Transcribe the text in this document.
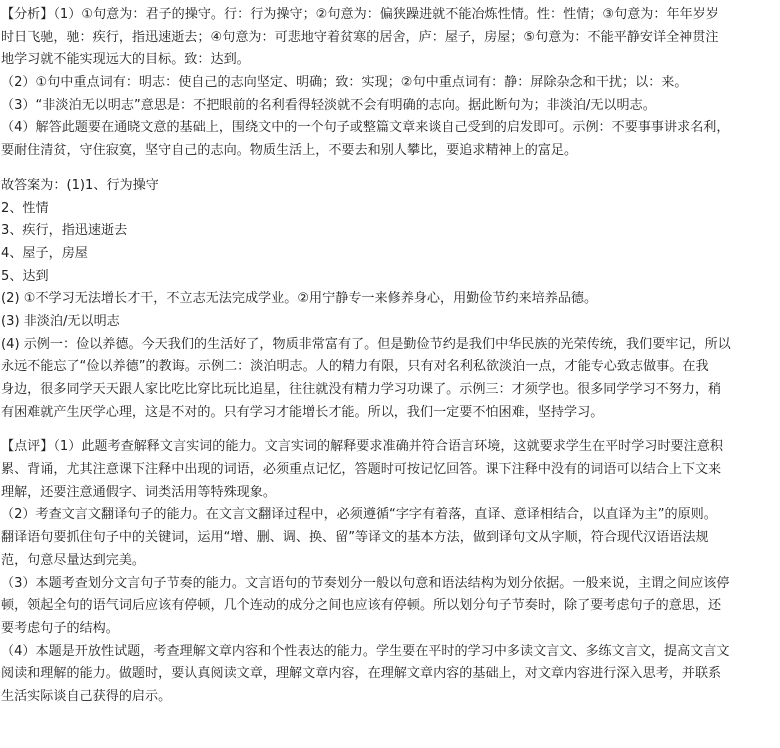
【分析】（1）①句意为：君子的操守。行：行为操守；②句意为：偏狭躁进就不能冶炼性情。性：性情；③句意为：年年岁岁
时日飞驰，驰：疾行，指迅速逝去；④句意为：可悲地守着贫寒的居舍，庐：屋子，房屋；⑤句意为：不能平静安详全神贯注
地学习就不能实现远大的目标。致：达到。
（2）①句中重点词有：明志：使自己的志向坚定、明确；致：实现；②句中重点词有：静：屏除杂念和干扰；以：来。
（3）“非淡泊无以明志”意思是：不把眼前的名利看得轻淡就不会有明确的志向。据此断句为；非淡泊/无以明志。
（4）解答此题要在通晓文意的基础上，围绕文中的一个句子或整篇文章来谈自己受到的启发即可。示例：不要事事讲求名利，
要耐住清贫，守住寂寞，坚守自己的志向。物质生活上，不要去和别人攀比，要追求精神上的富足。
故答案为：(1)1、行为操守
2、性情
3、疾行，指迅速逝去
4、屋子，房屋
5、达到
(2) ①不学习无法增长才干，不立志无法完成学业。②用宁静专一来修养身心，用勤俭节约来培养品德。
(3) 非淡泊/无以明志
(4) 示例一：俭以养德。今天我们的生活好了，物质非常富有了。但是勤俭节约是我们中华民族的光荣传统，我们要牢记，所以
永远不能忘了“俭以养德”的教诲。示例二：淡泊明志。人的精力有限，只有对名利私欲淡泊一点，才能专心致志做事。在我
身边，很多同学天天跟人家比吃比穿比玩比追星，往往就没有精力学习功课了。示例三：才须学也。很多同学学习不努力，稍
有困难就产生厌学心理，这是不对的。只有学习才能增长才能。所以，我们一定要不怕困难，坚持学习。
【点评】（1）此题考查解释文言实词的能力。文言实词的解释要求准确并符合语言环境，这就要求学生在平时学习时要注意积
累、背诵，尤其注意课下注释中出现的词语，必须重点记忆，答题时可按记忆回答。课下注释中没有的词语可以结合上下文来
理解，还要注意通假字、词类活用等特殊现象。
（2）考查文言文翻译句子的能力。在文言文翻译过程中，必须遵循“字字有着落，直译、意译相结合，以直译为主”的原则。
翻译语句要抓住句子中的关键词，运用“增、删、调、换、留”等译文的基本方法，做到译句文从字顺，符合现代汉语语法规
范，句意尽量达到完美。
（3）本题考查划分文言句子节奏的能力。文言语句的节奏划分一般以句意和语法结构为划分依据。一般来说，主谓之间应该停
顿，领起全句的语气词后应该有停顿，几个连动的成分之间也应该有停顿。所以划分句子节奏时，除了要考虑句子的意思，还
要考虑句子的结构。
（4）本题是开放性试题，考查理解文章内容和个性表达的能力。学生要在平时的学习中多读文言文、多练文言文，提高文言文
阅读和理解的能力。做题时，要认真阅读文章，理解文章内容，在理解文章内容的基础上，对文章内容进行深入思考，并联系
生活实际谈自己获得的启示。
